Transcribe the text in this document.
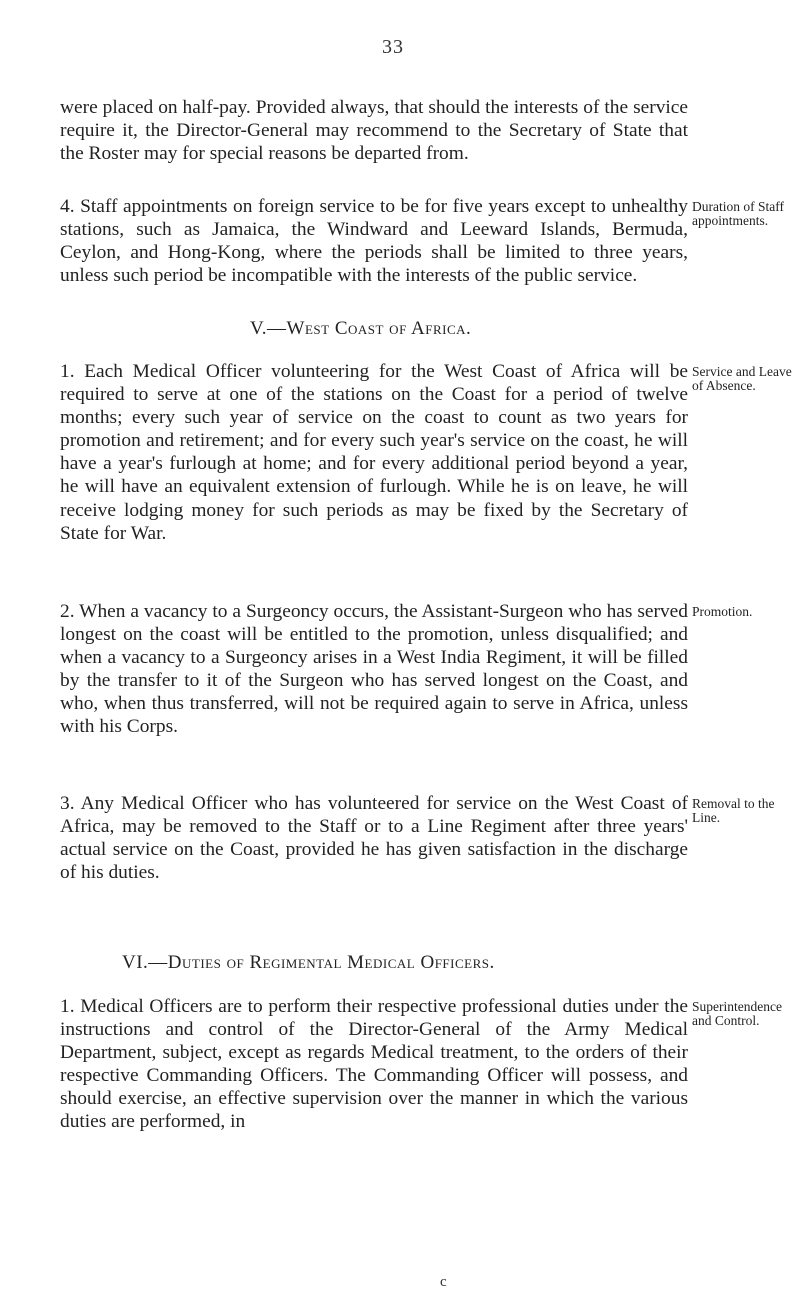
33

were placed on half-pay. Provided always, that should the interests of the service require it, the Director-General may recommend to the Secretary of State that the Roster may for special reasons be departed from.

4. Staff appointments on foreign service to be for five years except to unhealthy stations, such as Jamaica, the Windward and Leeward Islands, Bermuda, Ceylon, and Hong-Kong, where the periods shall be limited to three years, unless such period be incompatible with the interests of the public service.

Duration of Staff appointments.
V.—West Coast of Africa.

1. Each Medical Officer volunteering for the West Coast of Africa will be required to serve at one of the stations on the Coast for a period of twelve months; every such year of service on the coast to count as two years for promotion and retirement; and for every such year's service on the coast, he will have a year's furlough at home; and for every additional period beyond a year, he will have an equivalent extension of furlough. While he is on leave, he will receive lodging money for such periods as may be fixed by the Secretary of State for War.

Service and Leave of Absence.

2. When a vacancy to a Surgeoncy occurs, the Assistant-Surgeon who has served longest on the coast will be entitled to the promotion, unless disqualified; and when a vacancy to a Surgeoncy arises in a West India Regiment, it will be filled by the transfer to it of the Surgeon who has served longest on the Coast, and who, when thus transferred, will not be required again to serve in Africa, unless with his Corps.

Promotion.

3. Any Medical Officer who has volunteered for service on the West Coast of Africa, may be removed to the Staff or to a Line Regiment after three years' actual service on the Coast, provided he has given satisfaction in the discharge of his duties.

Removal to the Line.
VI.—Duties of Regimental Medical Officers.

1. Medical Officers are to perform their respective professional duties under the instructions and control of the Director-General of the Army Medical Department, subject, except as regards Medical treatment, to the orders of their respective Commanding Officers. The Commanding Officer will possess, and should exercise, an effective supervision over the manner in which the various duties are performed, in

Superintendence and Control.
c
